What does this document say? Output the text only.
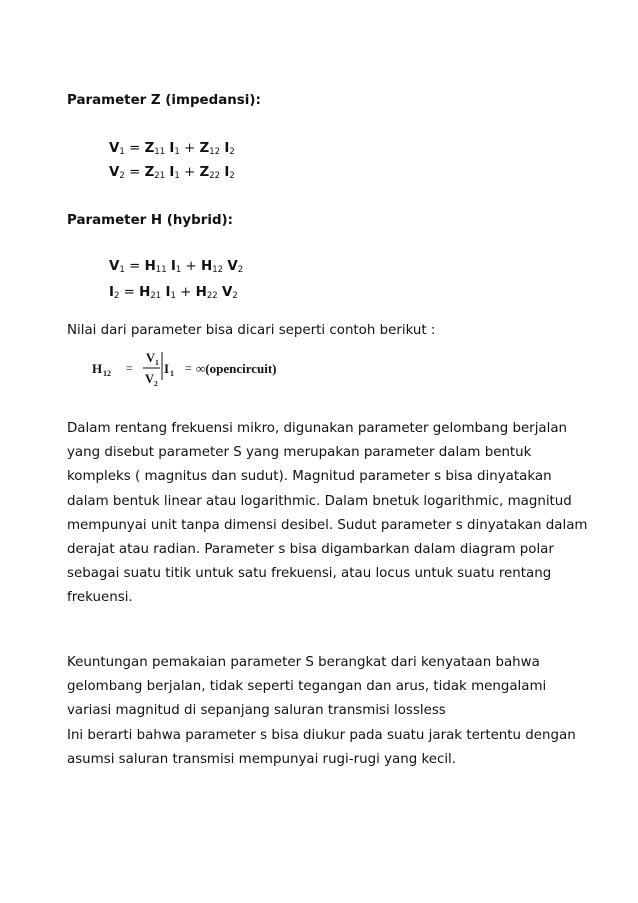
Parameter Z (impedansi):
$V_1 = Z_{11}$ $I_1 + Z_{12}$ $I_2$
$V_2 = Z_{21}$ $I_1 + Z_{22}$ $I_2$
Parameter H (hybrid):
$V_1 = H_{11}$ $I_1 + H_{12}$ $V_2$
$I_2 = H_{21}$ $I_1 + H_{22}$ $V_2$
Nilai dari parameter bisa dicari seperti contoh berikut :
H 12 =
V 1
V 2
I 1 = ∞(opencircuit)
Dalam rentang frekuensi mikro, digunakan parameter gelombang berjalan
yang disebut parameter S yang merupakan parameter dalam bentuk
kompleks ( magnitus dan sudut). Magnitud parameter s bisa dinyatakan
dalam bentuk linear atau logarithmic. Dalam bnetuk logarithmic, magnitud
mempunyai unit tanpa dimensi desibel. Sudut parameter s dinyatakan dalam
derajat atau radian. Parameter s bisa digambarkan dalam diagram polar
sebagai suatu titik untuk satu frekuensi, atau locus untuk suatu rentang
frekuensi.
Keuntungan pemakaian parameter S berangkat dari kenyataan bahwa
gelombang berjalan, tidak seperti tegangan dan arus, tidak mengalami
variasi magnitud di sepanjang saluran transmisi lossless
Ini berarti bahwa parameter s bisa diukur pada suatu jarak tertentu dengan
asumsi saluran transmisi mempunyai rugi-rugi yang kecil.
